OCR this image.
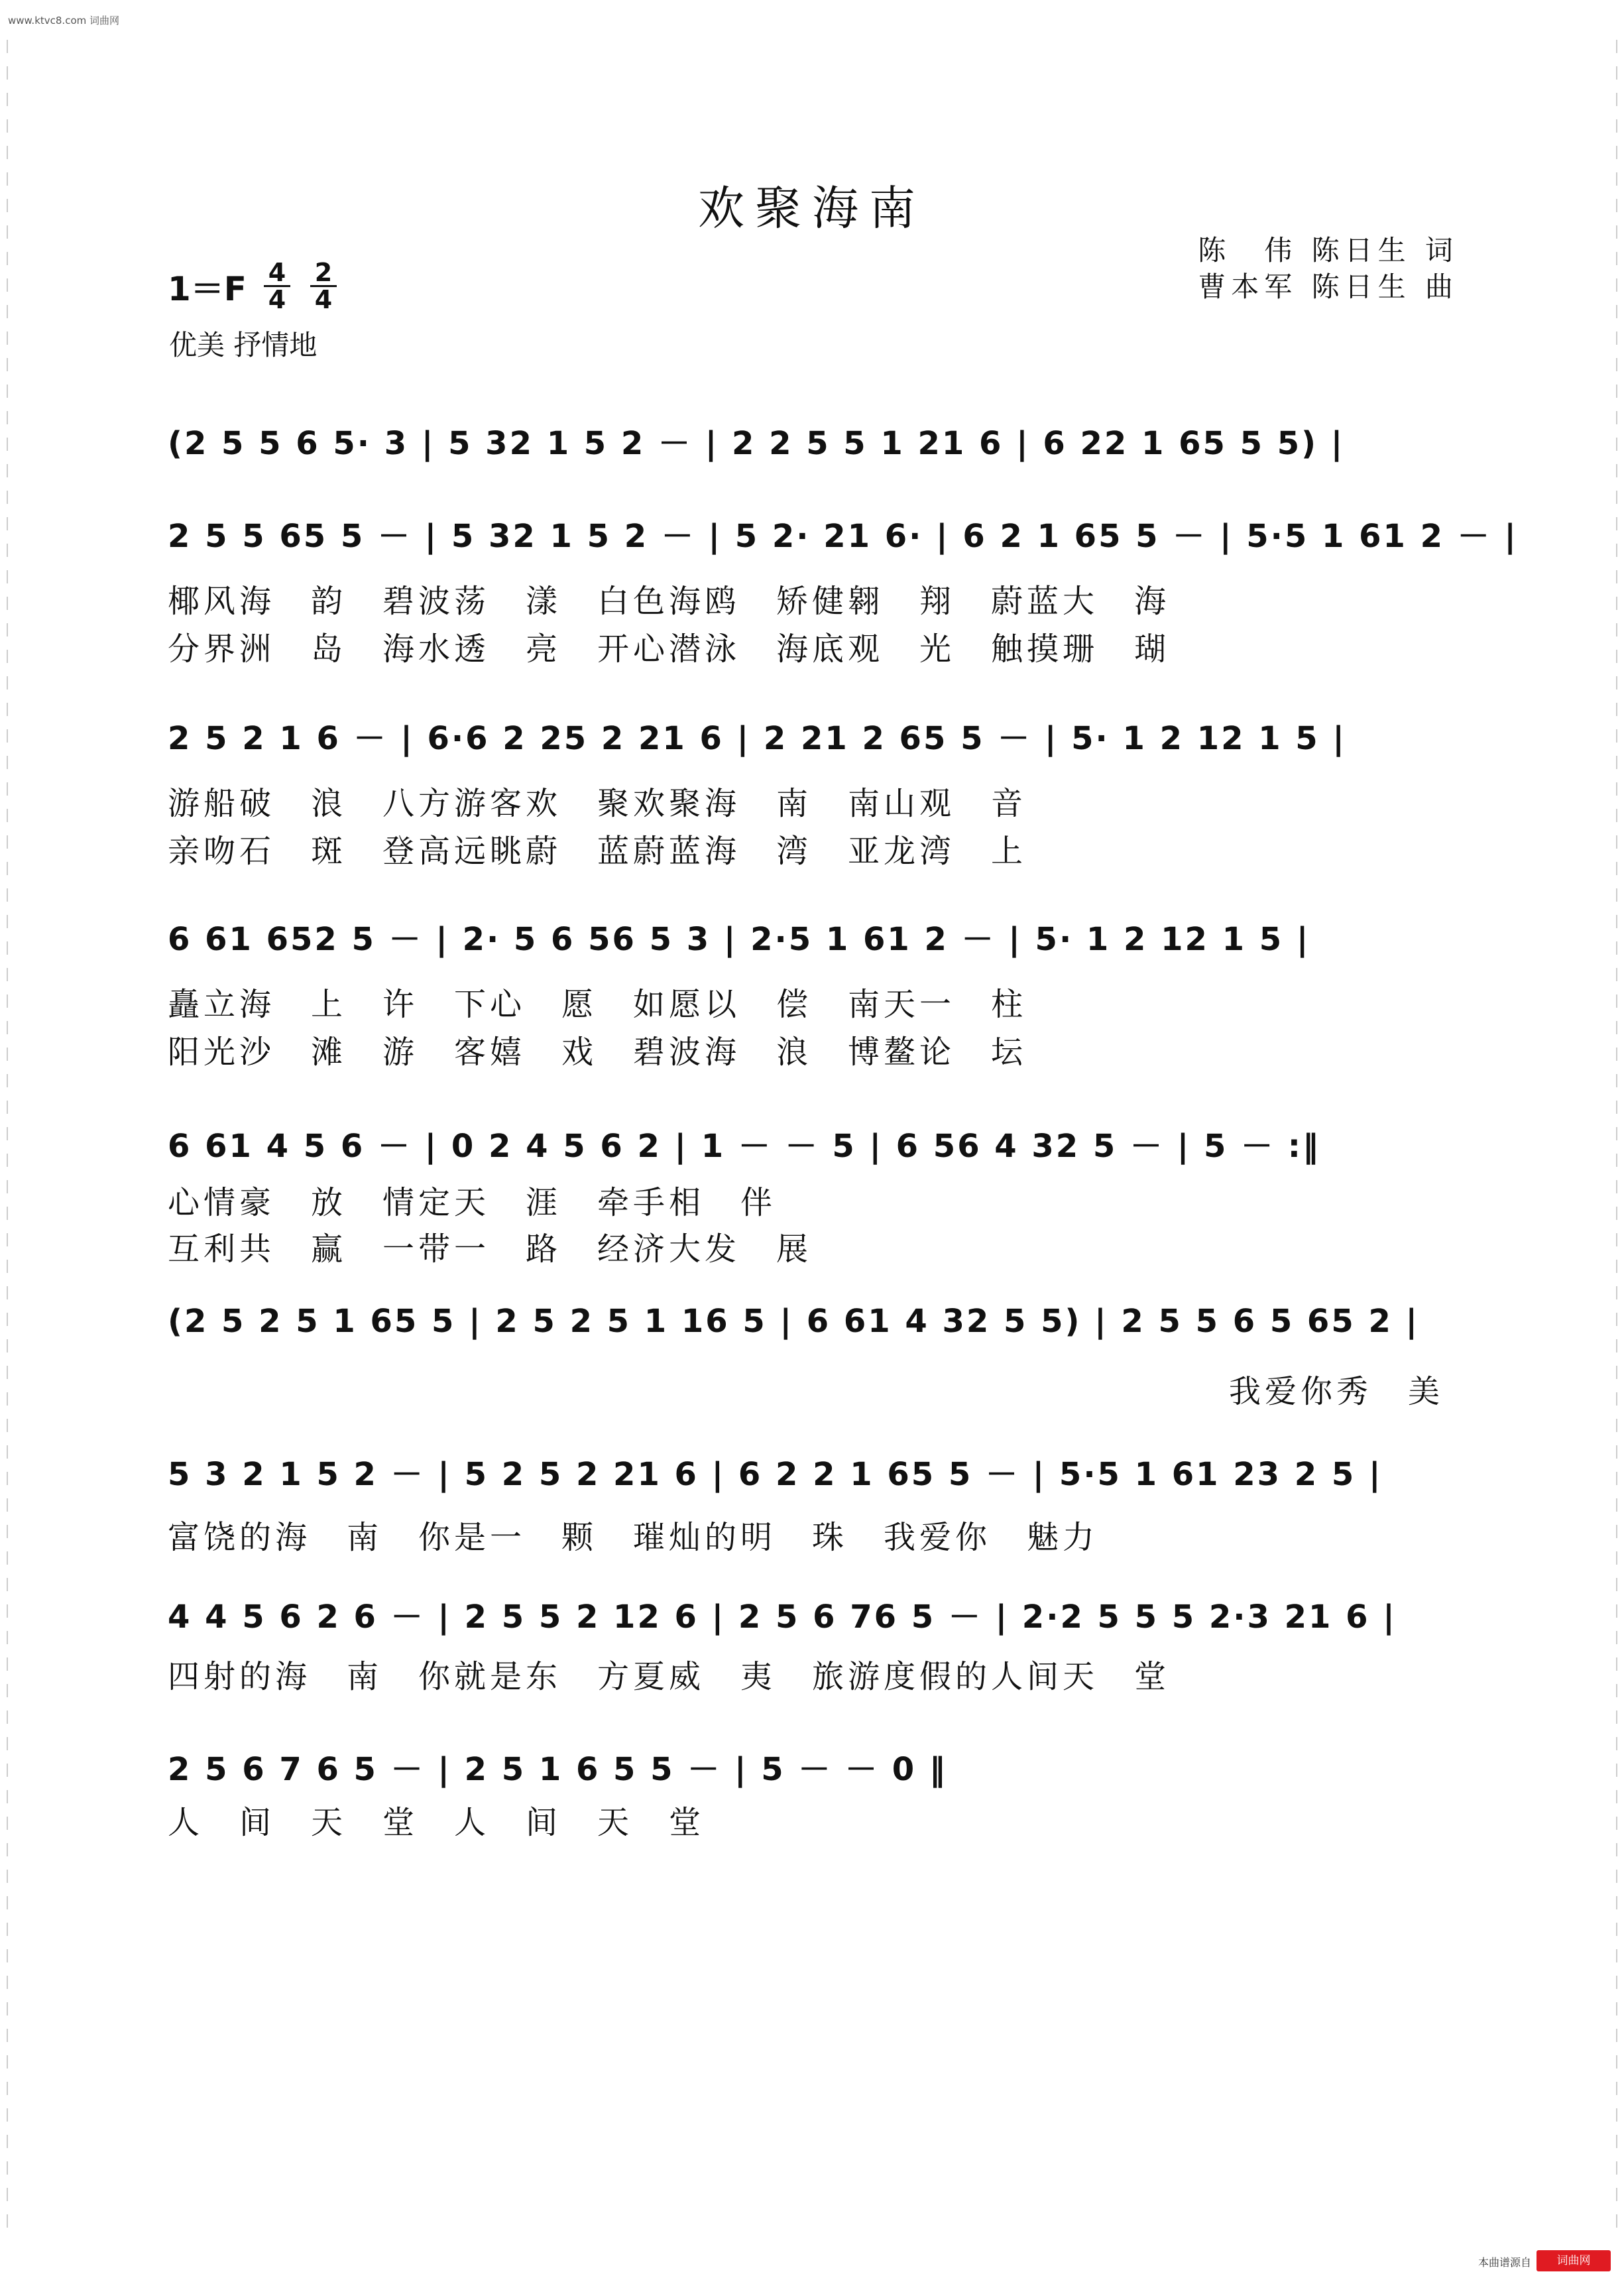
www.ktvc8.com 词曲网
欢聚海南
陈　伟 陈日生 词
曹本军 陈日生 曲
$1=F \frac{4}{4} \frac{2}{4}$
优美 抒情地
(2 5 5 6 5· 3 | 5 32 1 5 2 － | 2 2 5 5 1 21 6 | 6 22 1 65 5 5) |
2 5 5 65 5 － | 5 32 1 5 2 － | 5 2· 21 6· | 6 2 1 65 5 － | 5·5 1 61 2 － |
椰风海　韵　碧波荡　漾　白色海鸥　矫健翱　翔　蔚蓝大　海
分界洲　岛　海水透　亮　开心潜泳　海底观　光　触摸珊　瑚
2 5 2 1 6 － | 6·6 2 25 2 21 6 | 2 21 2 65 5 － | 5· 1 2 12 1 5 |
游船破　浪　八方游客欢　聚欢聚海　南　南山观　音
亲吻石　斑　登高远眺蔚　蓝蔚蓝海　湾　亚龙湾　上
6 61 652 5 － | 2· 5 6 56 5 3 | 2·5 1 61 2 － | 5· 1 2 12 1 5 |
矗立海　上　许　下心　愿　如愿以　偿　南天一　柱
阳光沙　滩　游　客嬉　戏　碧波海　浪　博鳌论　坛
6 61 4 5 6 － | 0 2 4 5 6 2 | 1 － － 5 | 6 56 4 32 5 － | 5 － :‖
心情豪　放　情定天　涯　牵手相　伴
互利共　赢　一带一　路　经济大发　展
(2 5 2 5 1 65 5 | 2 5 2 5 1 16 5 | 6 61 4 32 5 5) | 2 5 5 6 5 65 2 |
我爱你秀　美
5 3 2 1 5 2 － | 5 2 5 2 21 6 | 6 2 2 1 65 5 － | 5·5 1 61 23 2 5 |
富饶的海　南　你是一　颗　璀灿的明　珠　我爱你　魅力
4 4 5 6 2 6 － | 2 5 5 2 12 6 | 2 5 6 76 5 － | 2·2 5 5 5 2·3 21 6 |
四射的海　南　你就是东　方夏威　夷　旅游度假的人间天　堂
2 5 6 7 6 5 － | 2 5 1 6 5 5 － | 5 － － 0 ‖
人　间　天　堂　人　间　天　堂
本曲谱源自	词曲网
